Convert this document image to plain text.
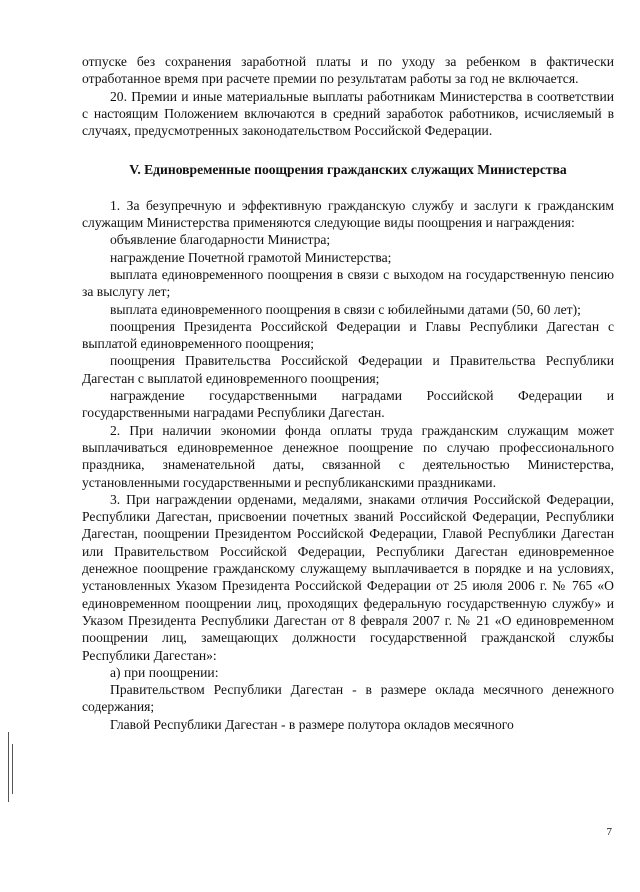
отпуске без сохранения заработной платы и по уходу за ребенком в фактически отработанное время при расчете премии по результатам работы за год не включается.

20. Премии и иные материальные выплаты работникам Министерства в соответствии с настоящим Положением включаются в средний заработок работников, исчисляемый в случаях, предусмотренных законодательством Российской Федерации.

V. Единовременные поощрения гражданских служащих Министерства

1. За безупречную и эффективную гражданскую службу и заслуги к гражданским служащим Министерства применяются следующие виды поощрения и награждения:

объявление благодарности Министра;

награждение Почетной грамотой Министерства;

выплата единовременного поощрения в связи с выходом на государственную пенсию за выслугу лет;

выплата единовременного поощрения в связи с юбилейными датами (50, 60 лет);

поощрения Президента Российской Федерации и Главы Республики Дагестан с выплатой единовременного поощрения;

поощрения Правительства Российской Федерации и Правительства Республики Дагестан с выплатой единовременного поощрения;

награждение государственными наградами Российской Федерации и государственными наградами Республики Дагестан.

2. При наличии экономии фонда оплаты труда гражданским служащим может выплачиваться единовременное денежное поощрение по случаю профессионального праздника, знаменательной даты, связанной с деятельностью Министерства, установленными государственными и республиканскими праздниками.

3. При награждении орденами, медалями, знаками отличия Российской Федерации, Республики Дагестан, присвоении почетных званий Российской Федерации, Республики Дагестан, поощрении Президентом Российской Федерации, Главой Республики Дагестан или Правительством Российской Федерации, Республики Дагестан единовременное денежное поощрение гражданскому служащему выплачивается в порядке и на условиях, установленных Указом Президента Российской Федерации от 25 июля 2006 г. № 765 «О единовременном поощрении лиц, проходящих федеральную государственную службу» и Указом Президента Республики Дагестан от 8 февраля 2007 г. № 21 «О единовременном поощрении лиц, замещающих должности государственной гражданской службы Республики Дагестан»:

а) при поощрении:

Правительством Республики Дагестан - в размере оклада месячного денежного содержания;

Главой Республики Дагестан - в размере полутора окладов месячного

7
